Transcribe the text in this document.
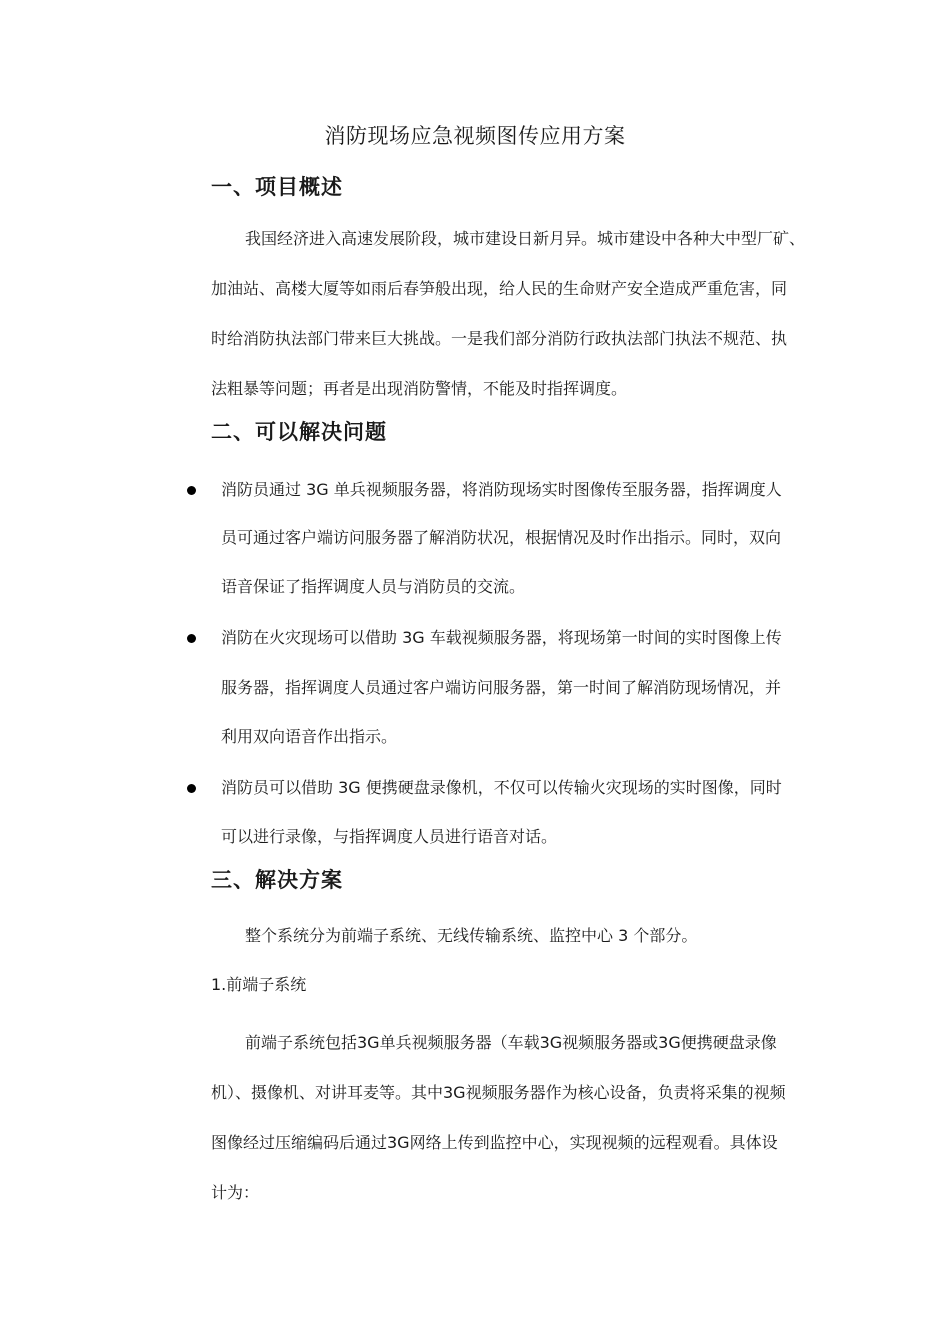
消防现场应急视频图传应用方案
一、项目概述
我国经济进入高速发展阶段，城市建设日新月异。城市建设中各种大中型厂矿、
加油站、高楼大厦等如雨后春笋般出现，给人民的生命财产安全造成严重危害，同
时给消防执法部门带来巨大挑战。一是我们部分消防行政执法部门执法不规范、执
法粗暴等问题；再者是出现消防警情，不能及时指挥调度。
二、可以解决问题
消防员通过 3G 单兵视频服务器，将消防现场实时图像传至服务器，指挥调度人
员可通过客户端访问服务器了解消防状况，根据情况及时作出指示。同时，双向
语音保证了指挥调度人员与消防员的交流。
消防在火灾现场可以借助 3G 车载视频服务器，将现场第一时间的实时图像上传
服务器，指挥调度人员通过客户端访问服务器，第一时间了解消防现场情况，并
利用双向语音作出指示。
消防员可以借助 3G 便携硬盘录像机，不仅可以传输火灾现场的实时图像，同时
可以进行录像，与指挥调度人员进行语音对话。
三、解决方案
整个系统分为前端子系统、无线传输系统、监控中心 3 个部分。
1.前端子系统
前端子系统包括3G单兵视频服务器（车载3G视频服务器或3G便携硬盘录像
机）、摄像机、对讲耳麦等。其中3G视频服务器作为核心设备，负责将采集的视频
图像经过压缩编码后通过3G网络上传到监控中心，实现视频的远程观看。具体设
计为：
